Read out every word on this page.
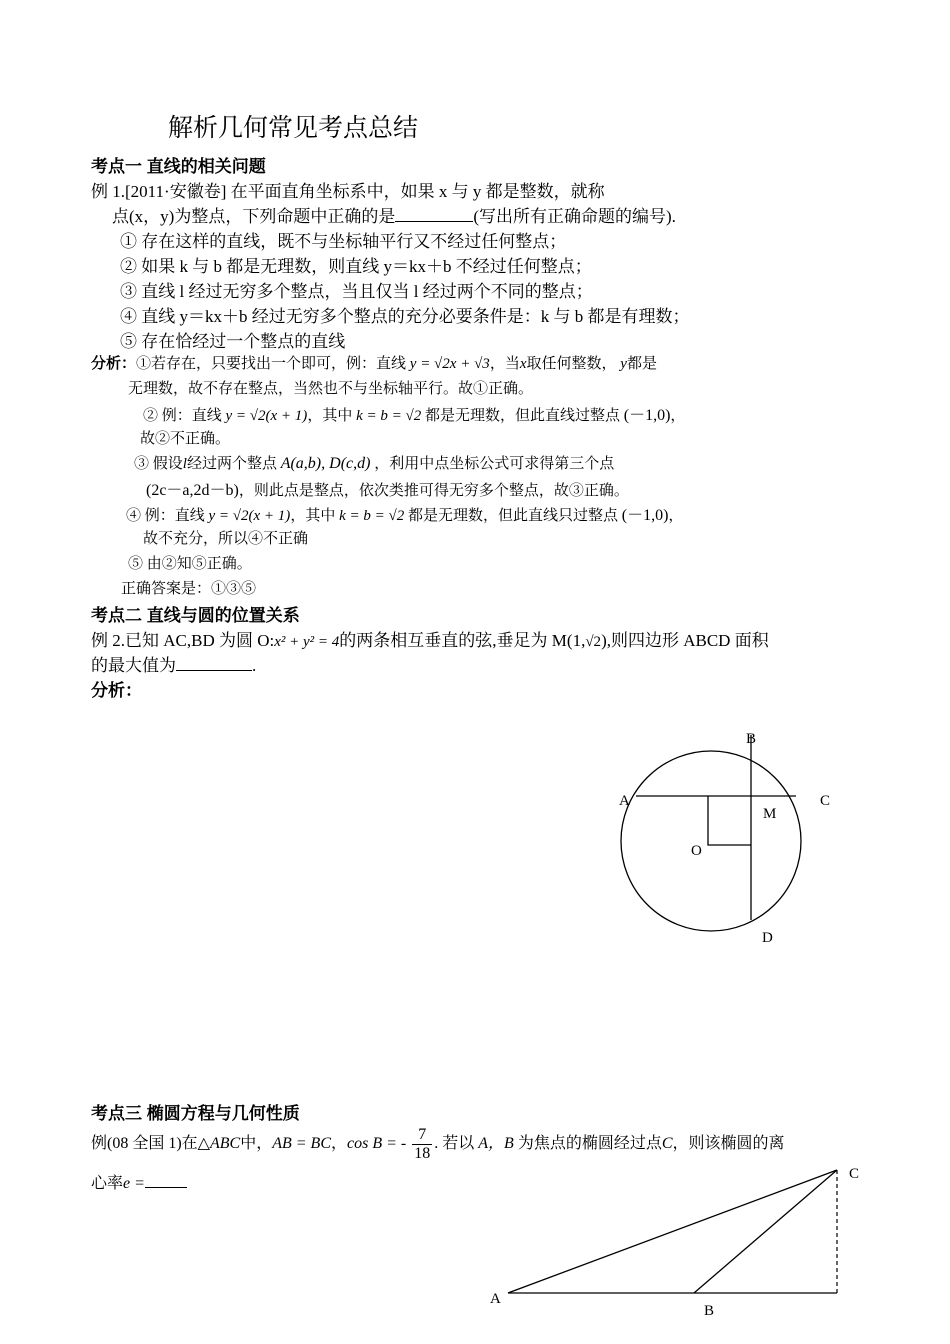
解析几何常见考点总结
考点一 直线的相关问题
例 1.[2011·安徽卷] 在平面直角坐标系中，如果 x 与 y 都是整数，就称
点(x，y)为整点，下列命题中正确的是	(写出所有正确命题的编号).
① 存在这样的直线，既不与坐标轴平行又不经过任何整点；
② 如果 k 与 b 都是无理数，则直线 y＝kx＋b 不经过任何整点；
③ 直线 l 经过无穷多个整点，当且仅当 l 经过两个不同的整点；
④ 直线 y＝kx＋b 经过无穷多个整点的充分必要条件是：k 与 b 都是有理数；
⑤ 存在恰经过一个整点的直线
分析：①若存在，只要找出一个即可，例：直线 y = √2x + √3，当x取任何整数， y都是
无理数，故不存在整点，当然也不与坐标轴平行。故①正确。
② 例：直线 y = √2(x + 1)，其中 k = b = √2 都是无理数，但此直线过整点 (－1,0)，
故②不正确。
③ 假设l经过两个整点 A(a,b), D(c,d) ，利用中点坐标公式可求得第三个点
(2c－a,2d－b)，则此点是整点，依次类推可得无穷多个整点，故③正确。
④ 例：直线 y = √2(x + 1)，其中 k = b = √2 都是无理数，但此直线只过整点 (－1,0)，
故不充分，所以④不正确
⑤ 由②知⑤正确。
正确答案是：①③⑤
考点二 直线与圆的位置关系
例 2.已知 AC,BD 为圆 O:x² + y² = 4的两条相互垂直的弦,垂足为 M(1,√2),则四边形 ABCD 面积
的最大值为	.
分析：
B
A	C
M
O
D
考点三 椭圆方程与几何性质
例(08 全国 1)在△ABC中，AB = BC，cos B = - $\frac{7}{18}$ . 若以 A，B 为焦点的椭圆经过点C，则该椭圆的离
心率e =
A
B
C
